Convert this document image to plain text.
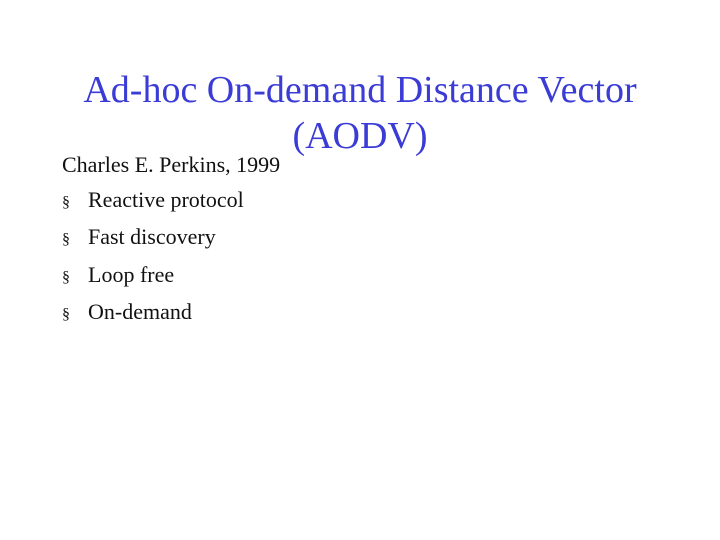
Ad-hoc On-demand Distance Vector
(AODV)
Charles E. Perkins, 1999
§ Reactive protocol
§ Fast discovery
§ Loop free
§ On-demand
